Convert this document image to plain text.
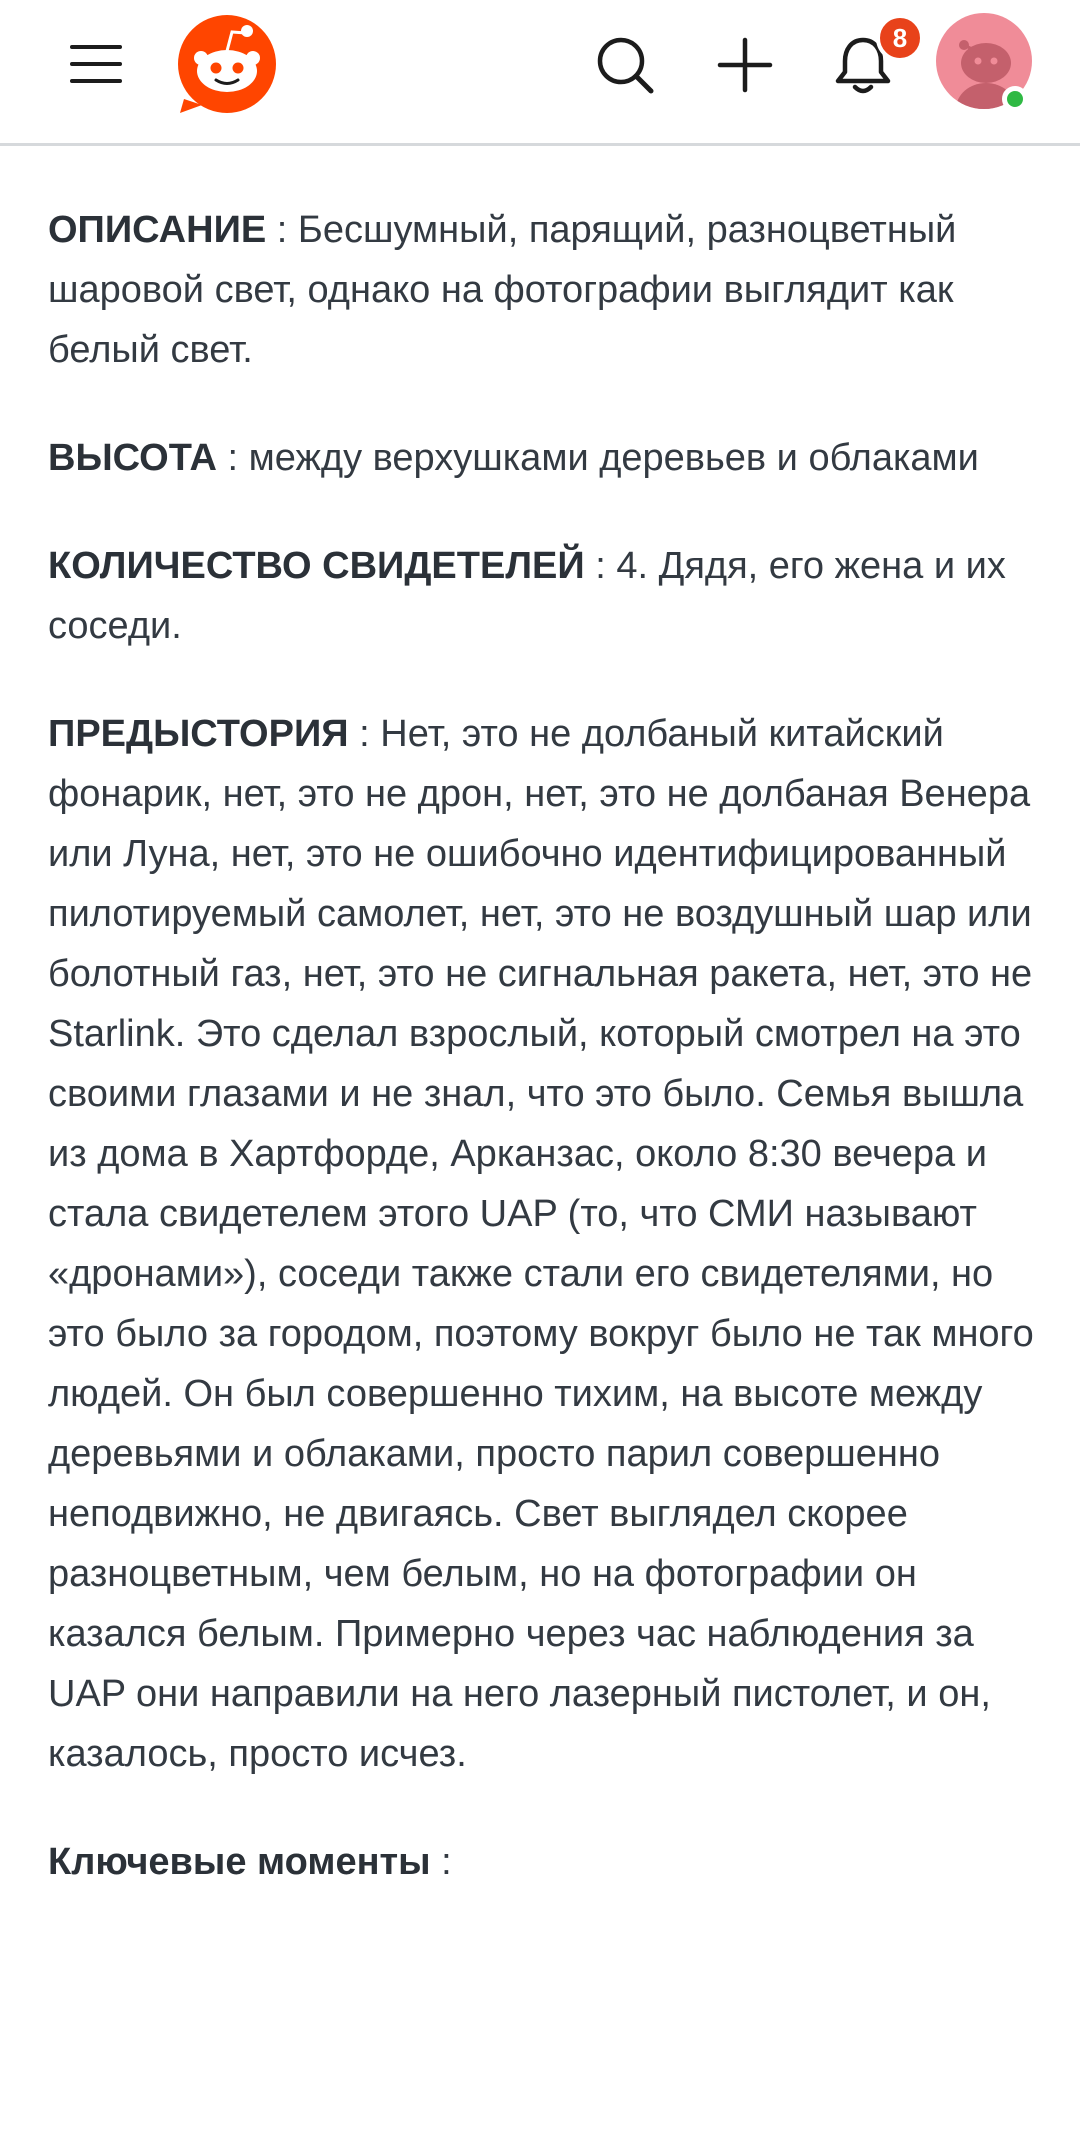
8

ОПИСАНИЕ : Бесшумный, парящий, разноцветный шаровой свет, однако на фотографии выглядит как белый свет.

ВЫСОТА : между верхушками деревьев и облаками

КОЛИЧЕСТВО СВИДЕТЕЛЕЙ : 4. Дядя, его жена и их соседи.

ПРЕДЫСТОРИЯ : Нет, это не долбаный китайский фонарик, нет, это не дрон, нет, это не долбаная Венера или Луна, нет, это не ошибочно идентифицированный пилотируемый самолет, нет, это не воздушный шар или болотный газ, нет, это не сигнальная ракета, нет, это не Starlink. Это сделал взрослый, который смотрел на это своими глазами и не знал, что это было. Семья вышла из дома в Хартфорде, Арканзас, около 8:30 вечера и стала свидетелем этого UAP (то, что СМИ называют «дронами»), соседи также стали его свидетелями, но это было за городом, поэтому вокруг было не так много людей. Он был совершенно тихим, на высоте между деревьями и облаками, просто парил совершенно неподвижно, не двигаясь. Свет выглядел скорее разноцветным, чем белым, но на фотографии он казался белым. Примерно через час наблюдения за UAP они направили на него лазерный пистолет, и он, казалось, просто исчез.

Ключевые моменты :
